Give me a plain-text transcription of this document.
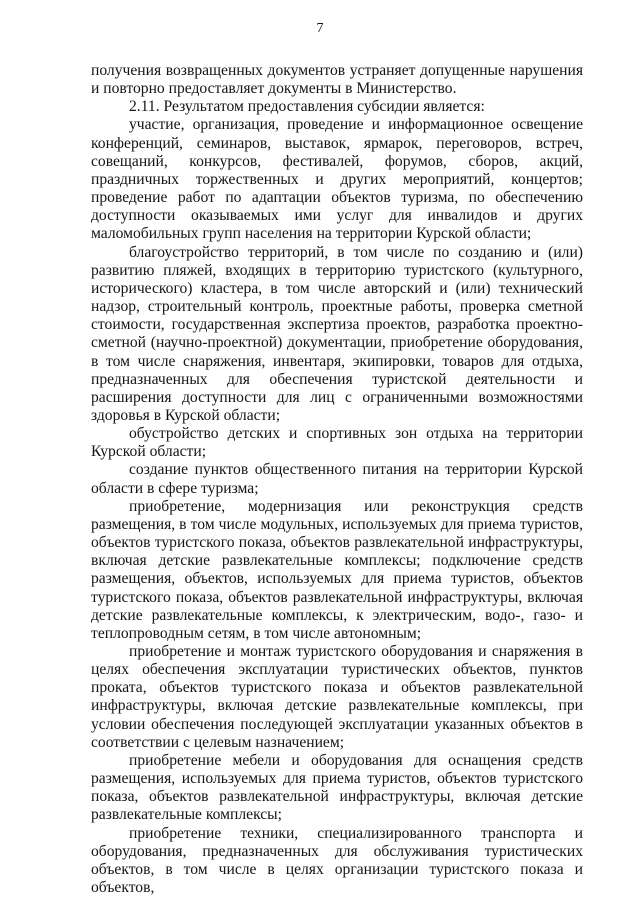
7

получения возвращенных документов устраняет допущенные нарушения и повторно предоставляет документы в Министерство.

2.11. Результатом предоставления субсидии является:

участие, организация, проведение и информационное освещение конференций, семинаров, выставок, ярмарок, переговоров, встреч, совещаний, конкурсов, фестивалей, форумов, сборов, акций, праздничных торжественных и других мероприятий, концертов; проведение работ по адаптации объектов туризма, по обеспечению доступности оказываемых ими услуг для инвалидов и других маломобильных групп населения на территории Курской области;

благоустройство территорий, в том числе по созданию и (или) развитию пляжей, входящих в территорию туристского (культурного, исторического) кластера, в том числе авторский и (или) технический надзор, строительный контроль, проектные работы, проверка сметной стоимости, государственная экспертиза проектов, разработка проектно-сметной (научно-проектной) документации, приобретение оборудования, в том числе снаряжения, инвентаря, экипировки, товаров для отдыха, предназначенных для обеспечения туристской деятельности и расширения доступности для лиц с ограниченными возможностями здоровья в Курской области;

обустройство детских и спортивных зон отдыха на территории Курской области;

создание пунктов общественного питания на территории Курской области в сфере туризма;

приобретение, модернизация или реконструкция средств размещения, в том числе модульных, используемых для приема туристов, объектов туристского показа, объектов развлекательной инфраструктуры, включая детские развлекательные комплексы; подключение средств размещения, объектов, используемых для приема туристов, объектов туристского показа, объектов развлекательной инфраструктуры, включая детские развлекательные комплексы, к электрическим, водо-, газо- и теплопроводным сетям, в том числе автономным;

приобретение и монтаж туристского оборудования и снаряжения в целях обеспечения эксплуатации туристических объектов, пунктов проката, объектов туристского показа и объектов развлекательной инфраструктуры, включая детские развлекательные комплексы, при условии обеспечения последующей эксплуатации указанных объектов в соответствии с целевым назначением;

приобретение мебели и оборудования для оснащения средств размещения, используемых для приема туристов, объектов туристского показа, объектов развлекательной инфраструктуры, включая детские развлекательные комплексы;

приобретение техники, специализированного транспорта и оборудования, предназначенных для обслуживания туристических объектов, в том числе в целях организации туристского показа и объектов,
